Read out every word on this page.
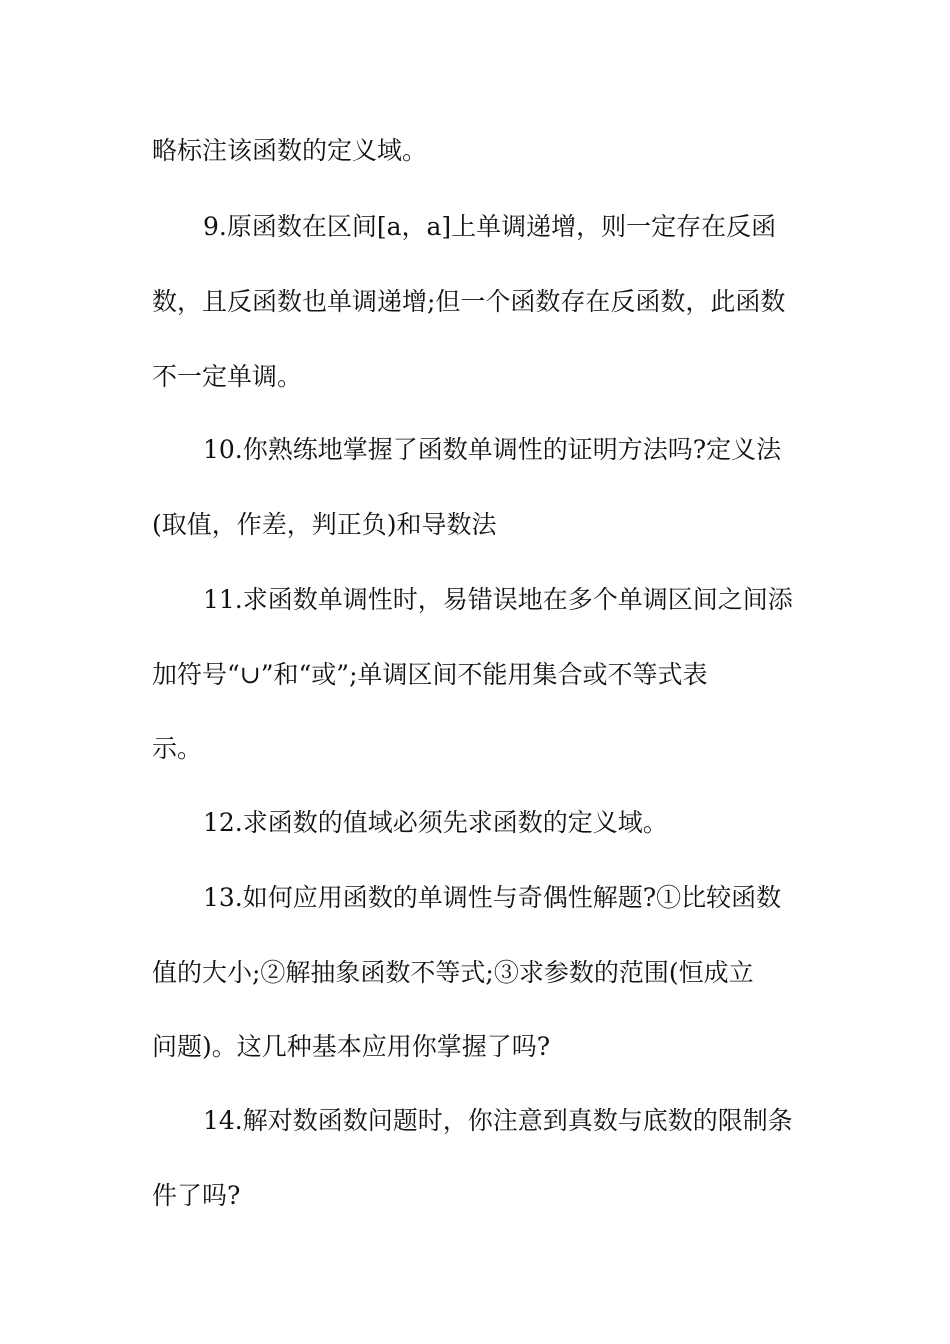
略标注该函数的定义域。
9.原函数在区间[a，a]上单调递增，则一定存在反函
数，且反函数也单调递增;但一个函数存在反函数，此函数
不一定单调。
10.你熟练地掌握了函数单调性的证明方法吗?定义法
(取值，作差，判正负)和导数法
11.求函数单调性时，易错误地在多个单调区间之间添
加符号“∪”和“或”;单调区间不能用集合或不等式表
示。
12.求函数的值域必须先求函数的定义域。
13.如何应用函数的单调性与奇偶性解题?①比较函数
值的大小;②解抽象函数不等式;③求参数的范围(恒成立
问题)。这几种基本应用你掌握了吗?
14.解对数函数问题时，你注意到真数与底数的限制条
件了吗?
